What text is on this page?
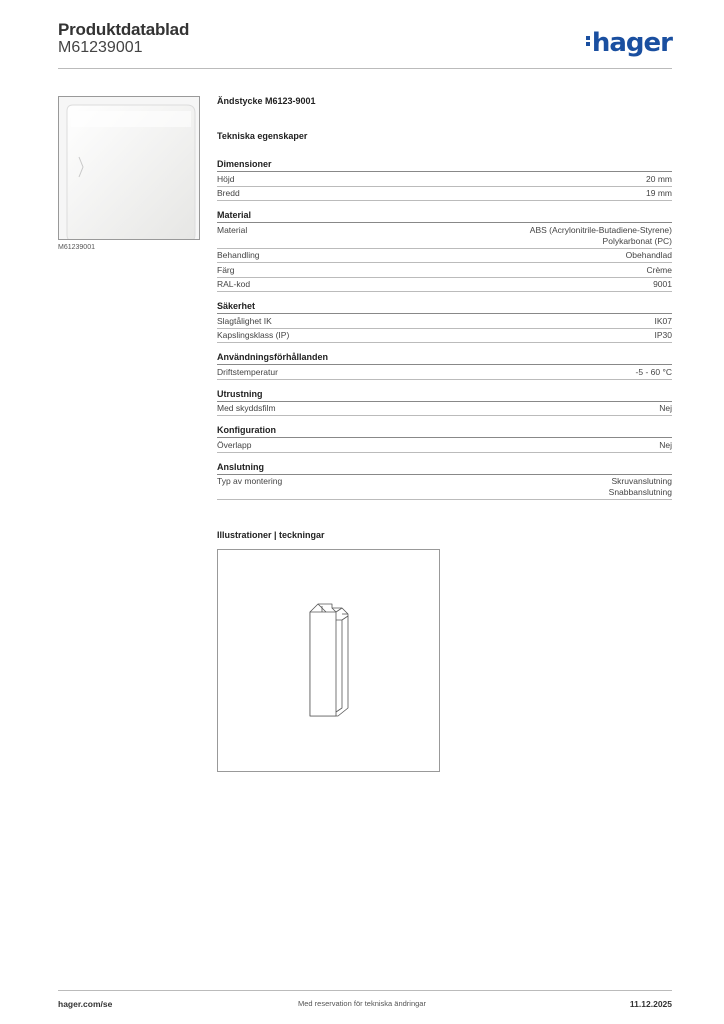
Produktdatablad
M61239001	hager
M61239001
Ändstycke M6123-9001
Tekniska egenskaper
Dimensioner
Höjd	20 mm
Bredd	19 mm
Material
Material	ABS (Acrylonitrile-Butadiene-Styrene)
Polykarbonat (PC)
Behandling	Obehandlad
Färg	Crème
RAL-kod	9001
Säkerhet
Slagtålighet IK	IK07
Kapslingsklass (IP)	IP30
Användningsförhållanden
Driftstemperatur	-5 - 60 °C
Utrustning
Med skyddsfilm	Nej
Konfiguration
Överlapp	Nej
Anslutning
Typ av montering	Skruvanslutning
Snabbanslutning
Illustrationer | teckningar
hager.com/se	Med reservation för tekniska ändringar	11.12.2025
